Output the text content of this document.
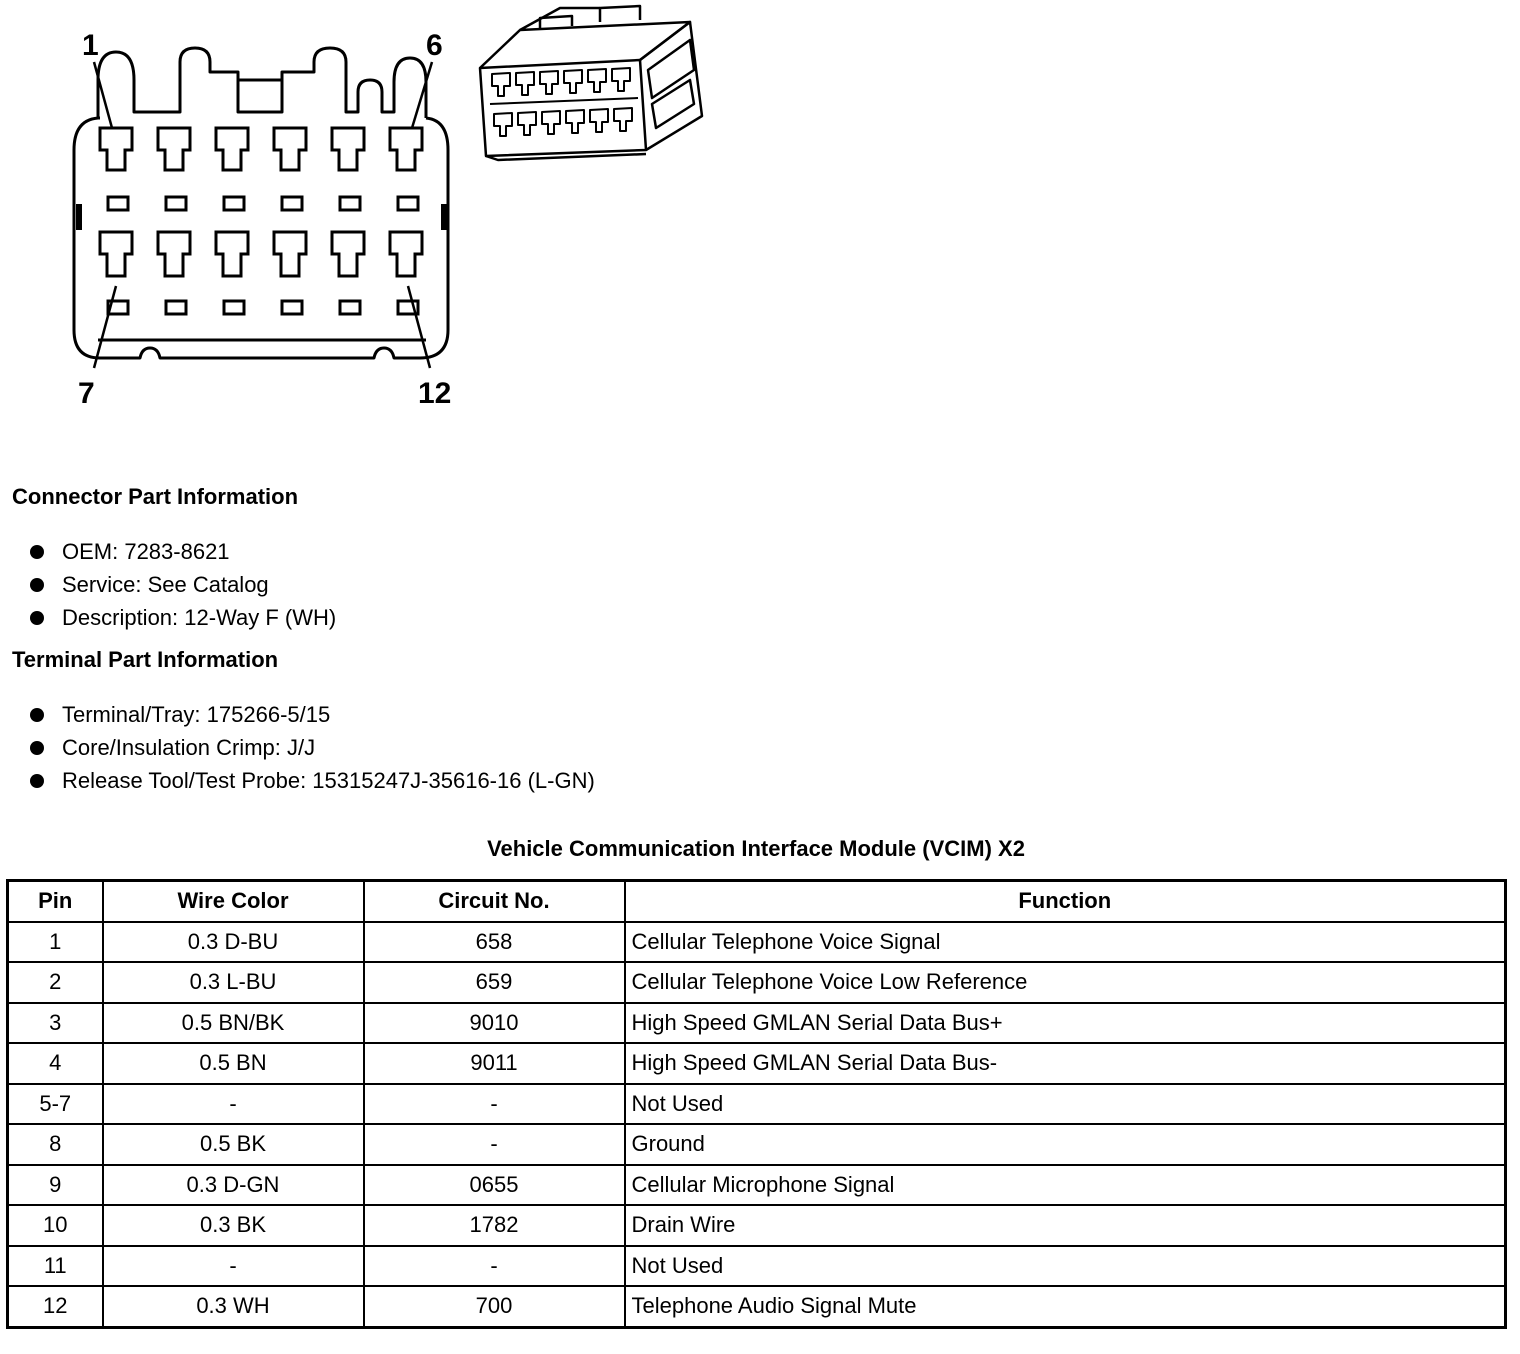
1	6
7	12
Connector Part Information
OEM: 7283-8621
Service: See Catalog
Description: 12-Way F (WH)
Terminal Part Information
Terminal/Tray: 175266-5/15
Core/Insulation Crimp: J/J
Release Tool/Test Probe: 15315247J-35616-16 (L-GN)
Vehicle Communication Interface Module (VCIM) X2
Pin	Wire Color	Circuit No.	Function
1	0.3 D-BU	658	Cellular Telephone Voice Signal
2	0.3 L-BU	659	Cellular Telephone Voice Low Reference
3	0.5 BN/BK	9010	High Speed GMLAN Serial Data Bus+
4	0.5 BN	9011	High Speed GMLAN Serial Data Bus-
5-7	-	-	Not Used
8	0.5 BK	-	Ground
9	0.3 D-GN	0655	Cellular Microphone Signal
10	0.3 BK	1782	Drain Wire
11	-	-	Not Used
12	0.3 WH	700	Telephone Audio Signal Mute
